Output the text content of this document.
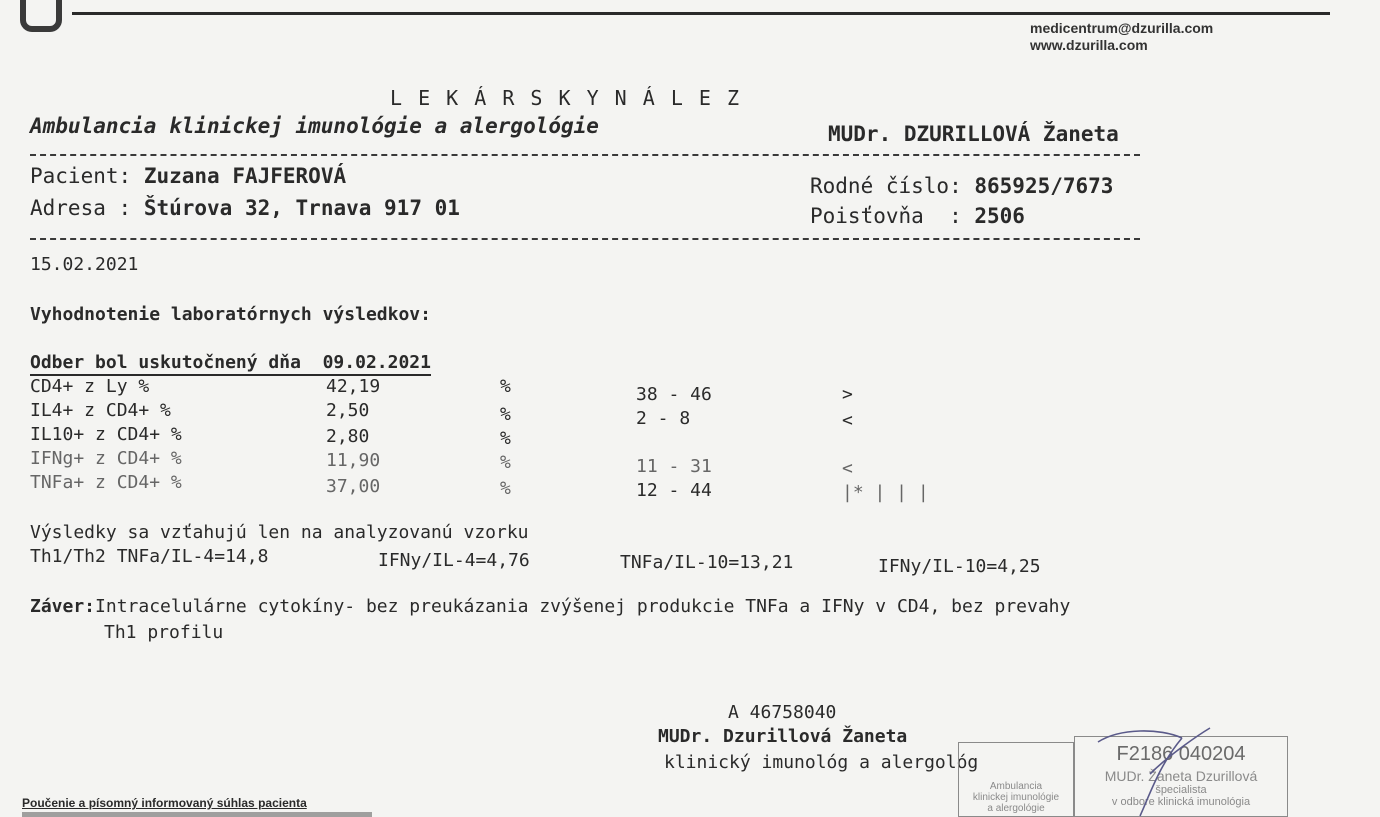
medicentrum@dzurilla.com
www.dzurilla.com
L E K Á R S K Y N Á L E Z
Ambulancia klinickej imunológie a alergológie	MUDr. DZURILLOVÁ Žaneta
Pacient: Zuzana FAJFEROVÁ
Adresa : Štúrova 32, Trnava 917 01
Rodné číslo: 865925/7673
Poisťovňa  : 2506
15.02.2021
Vyhodnotenie laboratórnych výsledkov:
Odber bol uskutočnený dňa  09.02.2021
CD4+ z Ly %	42,19	%	38 - 46	>
IL4+ z CD4+ %	2,50	%	2 - 8	<
IL10+ z CD4+ %	2,80	%
IFNg+ z CD4+ %	11,90	%	11 - 31	<
TNFa+ z CD4+ %	37,00	%	12 - 44	|* | | |
Výsledky sa vzťahujú len na analyzovanú vzorku
Th1/Th2 TNFa/IL-4=14,8	IFNy/IL-4=4,76	TNFa/IL-10=13,21	IFNy/IL-10=4,25
Záver:Intracelulárne cytokíny- bez preukázania zvýšenej produkcie TNFa a IFNy v CD4, bez prevahy
Th1 profilu
A 46758040
MUDr. Dzurillová Žaneta
klinický imunológ a alergológ
Ambulancia
klinickej imunológie
a alergológie
F2186 040204
MUDr. Žaneta Dzurillová
špecialista
v odbore klinická imunológia
Poučenie a písomný informovaný súhlas pacienta
